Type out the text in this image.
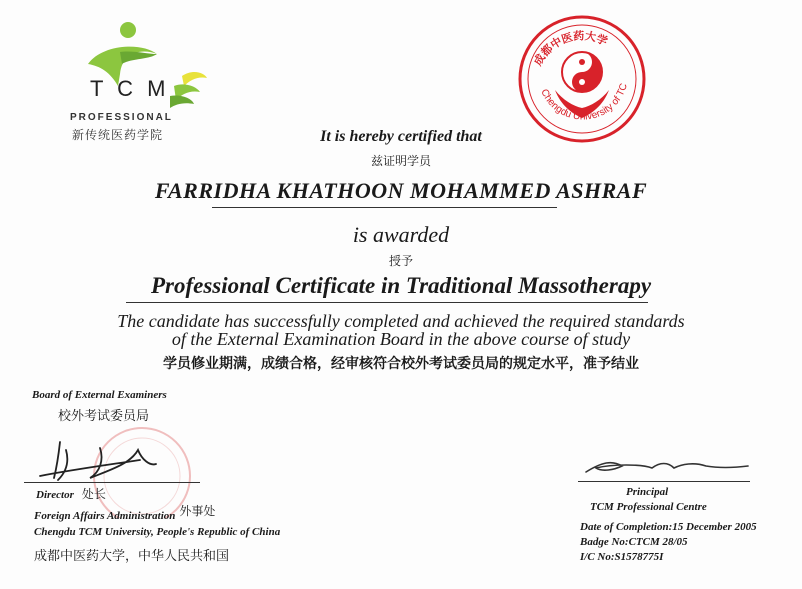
T C M
PROFESSIONAL
新传统医药学院
成都中医药大学
Chengdu University of TC
It is hereby certified that
兹证明学员
FARRIDHA KHATHOON MOHAMMED ASHRAF
is awarded
授予
Professional Certificate in Traditional Massotherapy
The candidate has successfully completed and achieved the required standards
of the External Examination Board in the above course of study
学员修业期满，成绩合格，经审核符合校外考试委员局的规定水平，准予结业
Board of External Examiners
校外考试委员局
Director 处长
Foreign Affairs Administration $^{外事处}$
Chengdu TCM University, People's Republic of China
成都中医药大学，中华人民共和国
Principal
TCM Professional Centre
Date of Completion:15 December 2005
Badge No:CTCM 28/05
I/C No:S1578775I
